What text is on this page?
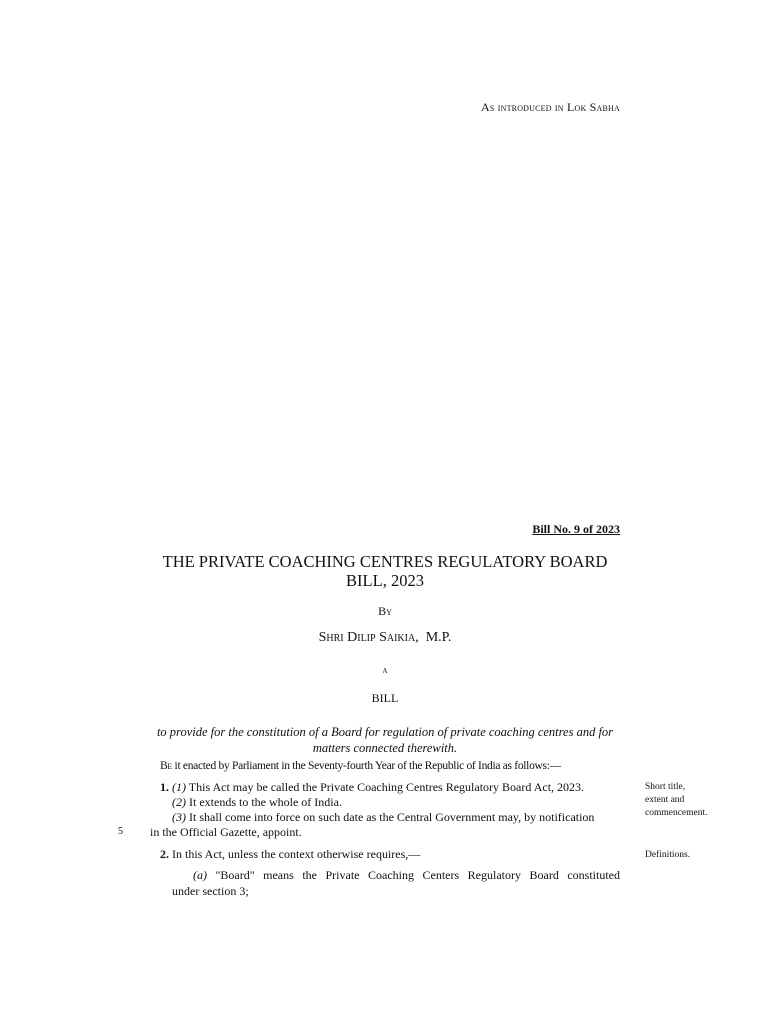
As introduced in Lok Sabha
Bill No. 9 of 2023
THE PRIVATE COACHING CENTRES REGULATORY BOARD
BILL, 2023
By
Shri Dilip Saikia, M.P.
a
BILL
to provide for the constitution of a Board for regulation of private coaching centres and for
matters connected therewith.
Be it enacted by Parliament in the Seventy-fourth Year of the Republic of India as follows:—
1. (1) This Act may be called the Private Coaching Centres Regulatory Board Act, 2023.
(2) It extends to the whole of India.
(3) It shall come into force on such date as the Central Government may, by notification
in the Official Gazette, appoint.
5
2. In this Act, unless the context otherwise requires,—
(a) "Board" means the Private Coaching Centers Regulatory Board constituted
under section 3;
Short title,
extent and
commencement.
Definitions.
